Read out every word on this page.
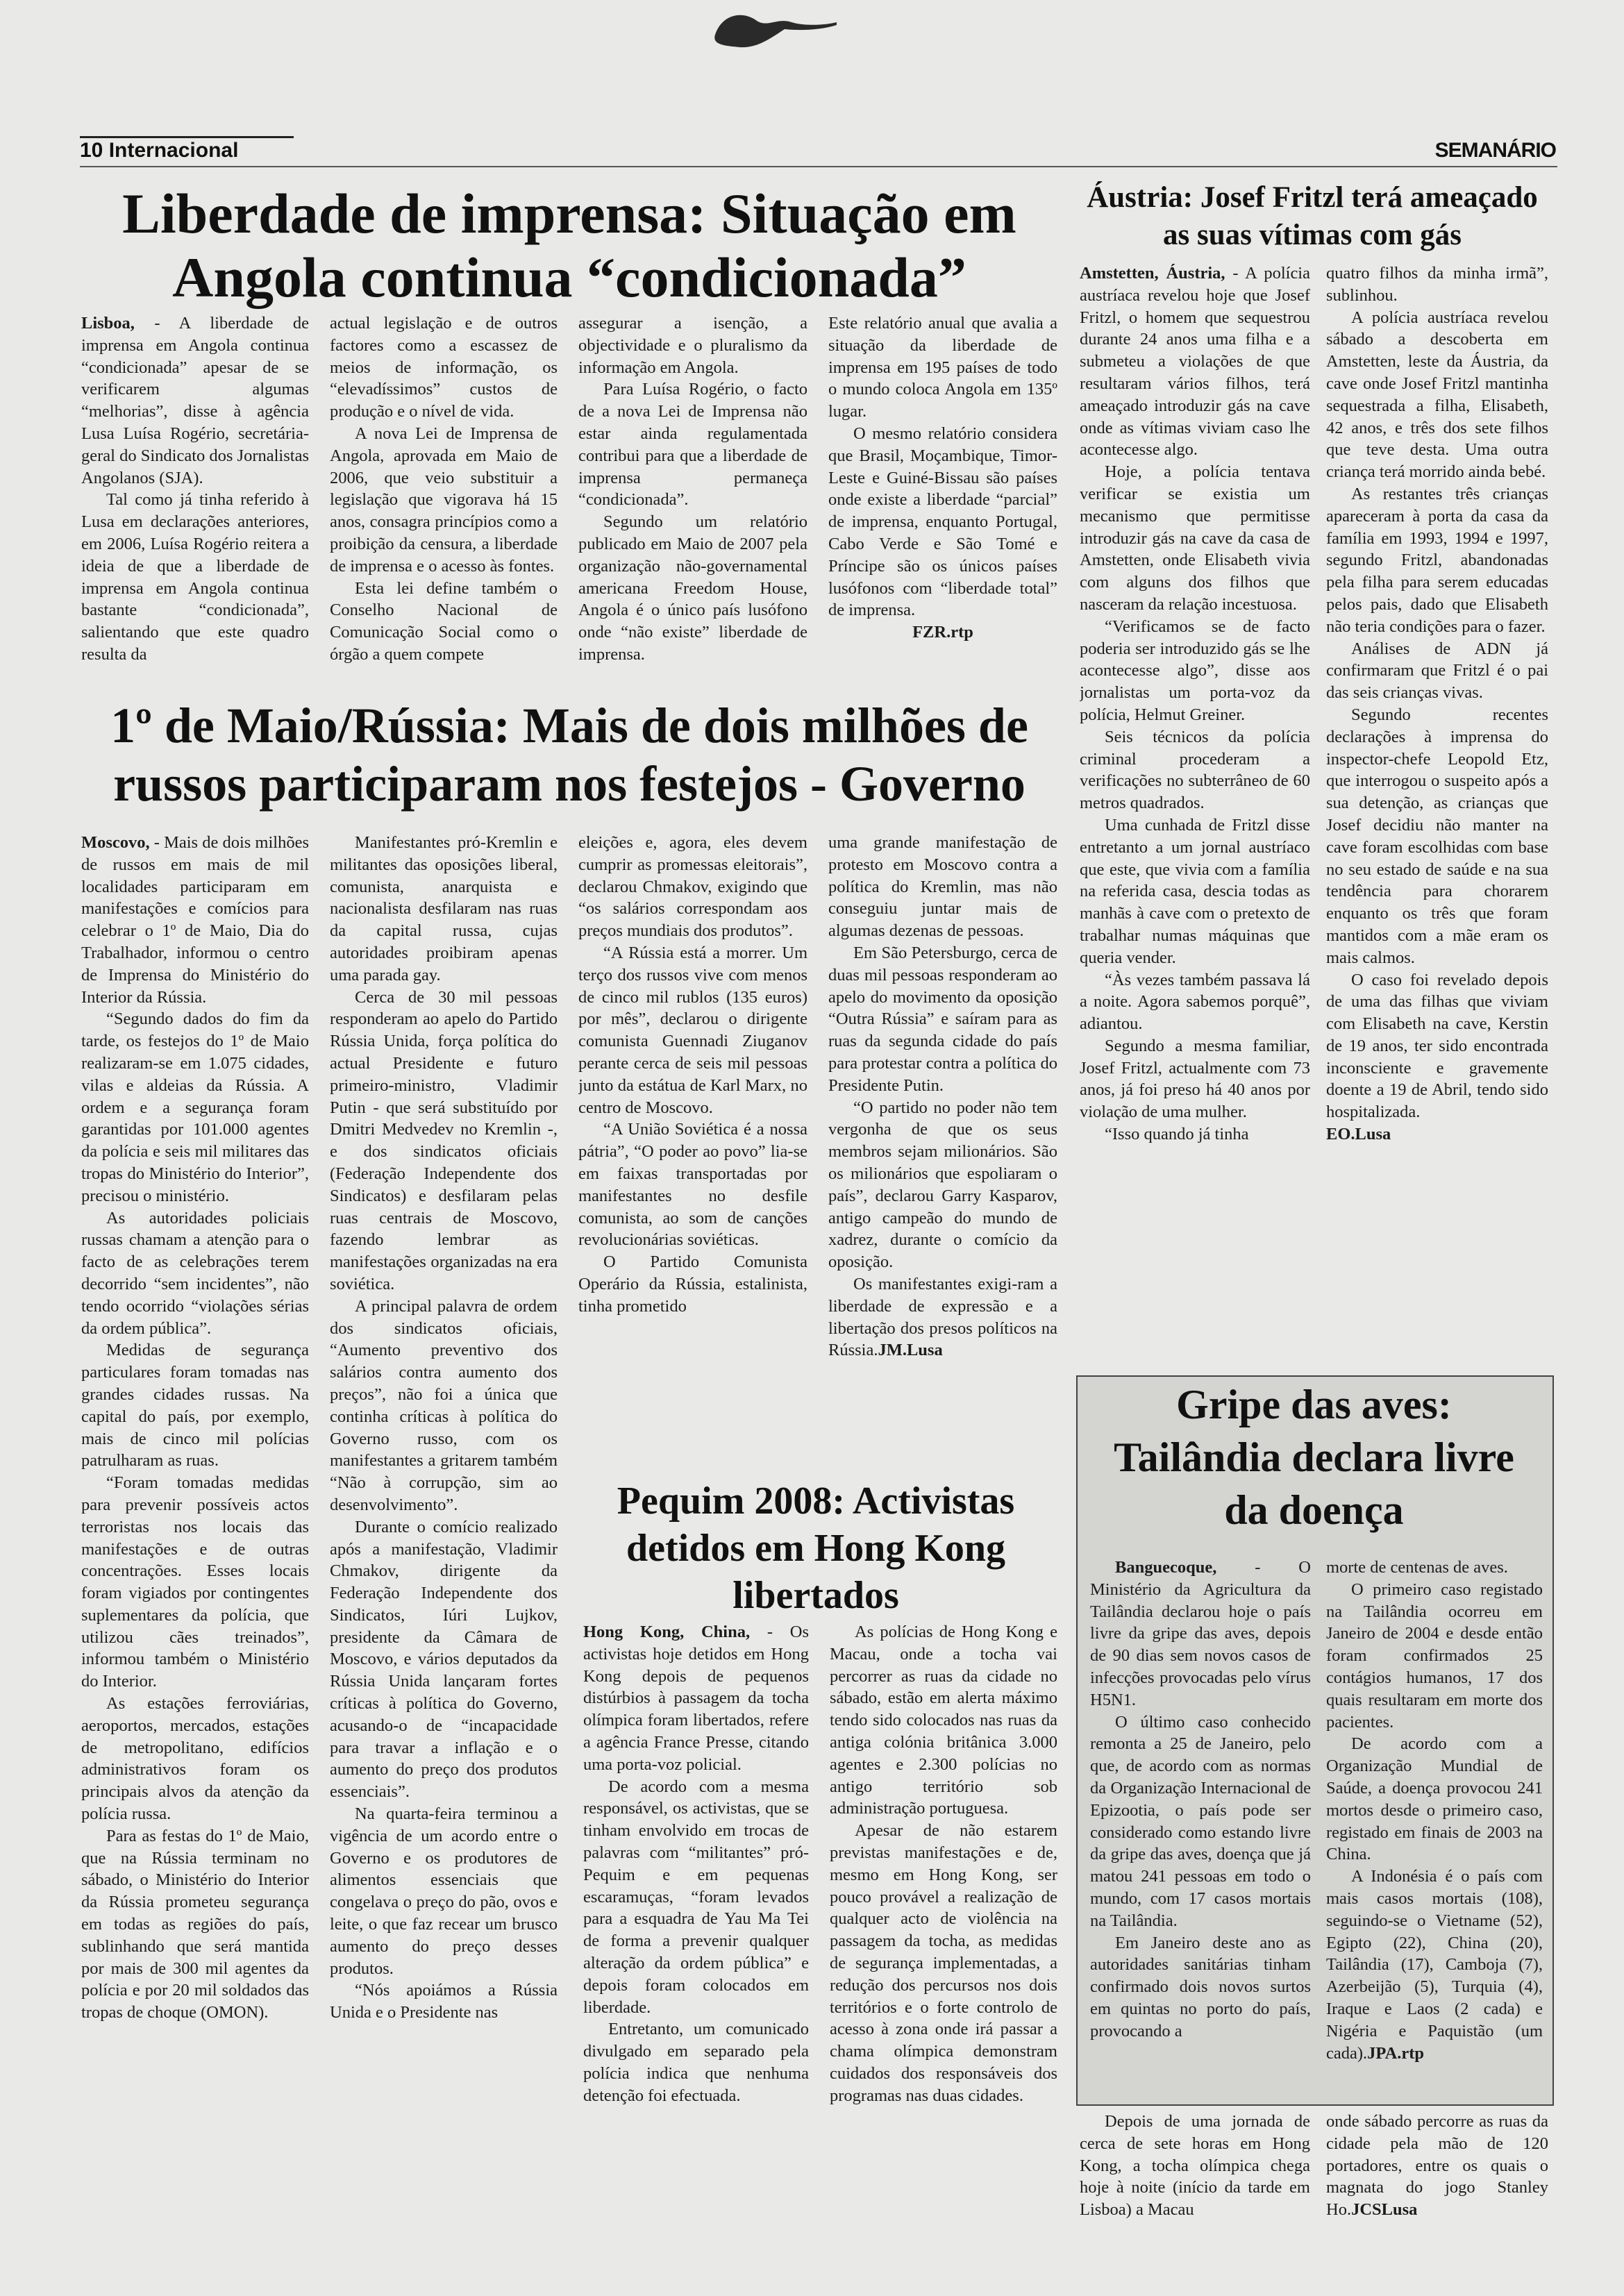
10 Internacional	SEMANÁRIO
Liberdade de imprensa: Situação em
Angola continua “condicionada”

Lisboa, - A liberdade de imprensa em Angola continua “condicionada” apesar de se verificarem algumas “melhorias”, disse à agência Lusa Luísa Rogério, secretária-geral do Sindicato dos Jornalistas Angolanos (SJA).

Tal como já tinha referido à Lusa em declarações anteriores, em 2006, Luísa Rogério reitera a ideia de que a liberdade de imprensa em Angola continua bastante “condicionada”, salientando que este quadro resulta da

actual legislação e de outros factores como a escassez de meios de informação, os “elevadíssimos” custos de produção e o nível de vida.

A nova Lei de Imprensa de Angola, aprovada em Maio de 2006, que veio substituir a legislação que vigorava há 15 anos, consagra princípios como a proibição da censura, a liberdade de imprensa e o acesso às fontes.

Esta lei define também o Conselho Nacional de Comunicação Social como o órgão a quem compete

assegurar a isenção, a objectividade e o pluralismo da informação em Angola.

Para Luísa Rogério, o facto de a nova Lei de Imprensa não estar ainda regulamentada contribui para que a liberdade de imprensa permaneça “condicionada”.

Segundo um relatório publicado em Maio de 2007 pela organização não-governamental americana Freedom House, Angola é o único país lusófono onde “não existe” liberdade de imprensa.

Este relatório anual que avalia a situação da liberdade de imprensa em 195 países de todo o mundo coloca Angola em 135º lugar.

O mesmo relatório considera que Brasil, Moçambique, Timor-Leste e Guiné-Bissau são países onde existe a liberdade “parcial” de imprensa, enquanto Portugal, Cabo Verde e São Tomé e Príncipe são os únicos países lusófonos com “liberdade total” de imprensa.

FZR.rtp

1º de Maio/Rússia: Mais de dois milhões de
russos participaram nos festejos - Governo

Moscovo, - Mais de dois milhões de russos em mais de mil localidades participaram em manifestações e comícios para celebrar o 1º de Maio, Dia do Trabalhador, informou o centro de Imprensa do Ministério do Interior da Rússia.

“Segundo dados do fim da tarde, os festejos do 1º de Maio realizaram-se em 1.075 cidades, vilas e aldeias da Rússia. A ordem e a segurança foram garantidas por 101.000 agentes da polícia e seis mil militares das tropas do Ministério do Interior”, precisou o ministério.

As autoridades policiais russas chamam a atenção para o facto de as celebrações terem decorrido “sem incidentes”, não tendo ocorrido “violações sérias da ordem pública”.

Medidas de segurança particulares foram tomadas nas grandes cidades russas. Na capital do país, por exemplo, mais de cinco mil polícias patrulharam as ruas.

“Foram tomadas medidas para prevenir possíveis actos terroristas nos locais das manifestações e de outras concentrações. Esses locais foram vigiados por contingentes suplementares da polícia, que utilizou cães treinados”, informou também o Ministério do Interior.

As estações ferroviárias, aeroportos, mercados, estações de metropolitano, edifícios administrativos foram os principais alvos da atenção da polícia russa.

Para as festas do 1º de Maio, que na Rússia terminam no sábado, o Ministério do Interior da Rússia prometeu segurança em todas as regiões do país, sublinhando que será mantida por mais de 300 mil agentes da polícia e por 20 mil soldados das tropas de choque (OMON).

Manifestantes pró-Kremlin e militantes das oposições liberal, comunista, anarquista e nacionalista desfilaram nas ruas da capital russa, cujas autoridades proibiram apenas uma parada gay.

Cerca de 30 mil pessoas responderam ao apelo do Partido Rússia Unida, força política do actual Presidente e futuro primeiro-ministro, Vladimir Putin - que será substituído por Dmitri Medvedev no Kremlin -, e dos sindicatos oficiais (Federação Independente dos Sindicatos) e desfilaram pelas ruas centrais de Moscovo, fazendo lembrar as manifestações organizadas na era soviética.

A principal palavra de ordem dos sindicatos oficiais, “Aumento preventivo dos salários contra aumento dos preços”, não foi a única que continha críticas à política do Governo russo, com os manifestantes a gritarem também “Não à corrupção, sim ao desenvolvimento”.

Durante o comício realizado após a manifestação, Vladimir Chmakov, dirigente da Federação Independente dos Sindicatos, Iúri Lujkov, presidente da Câmara de Moscovo, e vários deputados da Rússia Unida lançaram fortes críticas à política do Governo, acusando-o de “incapacidade para travar a inflação e o aumento do preço dos produtos essenciais”.

Na quarta-feira terminou a vigência de um acordo entre o Governo e os produtores de alimentos essenciais que congelava o preço do pão, ovos e leite, o que faz recear um brusco aumento do preço desses produtos.

“Nós apoiámos a Rússia Unida e o Presidente nas

eleições e, agora, eles devem cumprir as promessas eleitorais”, declarou Chmakov, exigindo que “os salários correspondam aos preços mundiais dos produtos”.

“A Rússia está a morrer. Um terço dos russos vive com menos de cinco mil rublos (135 euros) por mês”, declarou o dirigente comunista Guennadi Ziuganov perante cerca de seis mil pessoas junto da estátua de Karl Marx, no centro de Moscovo.

“A União Soviética é a nossa pátria”, “O poder ao povo” lia-se em faixas transportadas por manifestantes no desfile comunista, ao som de canções revolucionárias soviéticas.

O Partido Comunista Operário da Rússia, estalinista, tinha prometido

uma grande manifestação de protesto em Moscovo contra a política do Kremlin, mas não conseguiu juntar mais de algumas dezenas de pessoas.

Em São Petersburgo, cerca de duas mil pessoas responderam ao apelo do movimento da oposição “Outra Rússia” e saíram para as ruas da segunda cidade do país para protestar contra a política do Presidente Putin.

“O partido no poder não tem vergonha de que os seus membros sejam milionários. São os milionários que espoliaram o país”, declarou Garry Kasparov, antigo campeão do mundo de xadrez, durante o comício da oposição.

Os manifestantes exigi-ram a liberdade de expressão e a libertação dos presos políticos na Rússia.JM.Lusa

Áustria: Josef Fritzl terá ameaçado
as suas vítimas com gás

Amstetten, Áustria, - A polícia austríaca revelou hoje que Josef Fritzl, o homem que sequestrou durante 24 anos uma filha e a submeteu a violações de que resultaram vários filhos, terá ameaçado introduzir gás na cave onde as vítimas viviam caso lhe acontecesse algo.

Hoje, a polícia tentava verificar se existia um mecanismo que permitisse introduzir gás na cave da casa de Amstetten, onde Elisabeth vivia com alguns dos filhos que nasceram da relação incestuosa.

“Verificamos se de facto poderia ser introduzido gás se lhe acontecesse algo”, disse aos jornalistas um porta-voz da polícia, Helmut Greiner.

Seis técnicos da polícia criminal procederam a verificações no subterrâneo de 60 metros quadrados.

Uma cunhada de Fritzl disse entretanto a um jornal austríaco que este, que vivia com a família na referida casa, descia todas as manhãs à cave com o pretexto de trabalhar numas máquinas que queria vender.

“Às vezes também passava lá a noite. Agora sabemos porquê”, adiantou.

Segundo a mesma familiar, Josef Fritzl, actualmente com 73 anos, já foi preso há 40 anos por violação de uma mulher.

“Isso quando já tinha

quatro filhos da minha irmã”, sublinhou.

A polícia austríaca revelou sábado a descoberta em Amstetten, leste da Áustria, da cave onde Josef Fritzl mantinha sequestrada a filha, Elisabeth, 42 anos, e três dos sete filhos que teve desta. Uma outra criança terá morrido ainda bebé.

As restantes três crianças apareceram à porta da casa da família em 1993, 1994 e 1997, segundo Fritzl, abandonadas pela filha para serem educadas pelos pais, dado que Elisabeth não teria condições para o fazer.

Análises de ADN já confirmaram que Fritzl é o pai das seis crianças vivas.

Segundo recentes declarações à imprensa do inspector-chefe Leopold Etz, que interrogou o suspeito após a sua detenção, as crianças que Josef decidiu não manter na cave foram escolhidas com base no seu estado de saúde e na sua tendência para chorarem enquanto os três que foram mantidos com a mãe eram os mais calmos.

O caso foi revelado depois de uma das filhas que viviam com Elisabeth na cave, Kerstin de 19 anos, ter sido encontrada inconsciente e gravemente doente a 19 de Abril, tendo sido hospitalizada.
EO.Lusa

Pequim 2008: Activistas
detidos em Hong Kong
libertados

Hong Kong, China, - Os activistas hoje detidos em Hong Kong depois de pequenos distúrbios à passagem da tocha olímpica foram libertados, refere a agência France Presse, citando uma porta-voz policial.

De acordo com a mesma responsável, os activistas, que se tinham envolvido em trocas de palavras com “militantes” pró-Pequim e em pequenas escaramuças, “foram levados para a esquadra de Yau Ma Tei de forma a prevenir qualquer alteração da ordem pública” e depois foram colocados em liberdade.

Entretanto, um comunicado divulgado em separado pela polícia indica que nenhuma detenção foi efectuada.

As polícias de Hong Kong e Macau, onde a tocha vai percorrer as ruas da cidade no sábado, estão em alerta máximo tendo sido colocados nas ruas da antiga colónia britânica 3.000 agentes e 2.300 polícias no antigo território sob administração portuguesa.

Apesar de não estarem previstas manifestações e de, mesmo em Hong Kong, ser pouco provável a realização de qualquer acto de violência na passagem da tocha, as medidas de segurança implementadas, a redução dos percursos nos dois territórios e o forte controlo de acesso à zona onde irá passar a chama olímpica demonstram cuidados dos responsáveis dos programas nas duas cidades.

Depois de uma jornada de cerca de sete horas em Hong Kong, a tocha olímpica chega hoje à noite (início da tarde em Lisboa) a Macau

onde sábado percorre as ruas da cidade pela mão de 120 portadores, entre os quais o magnata do jogo Stanley Ho.JCSLusa

Gripe das aves:
Tailândia declara livre
da doença

Banguecoque, - O Ministério da Agricultura da Tailândia declarou hoje o país livre da gripe das aves, depois de 90 dias sem novos casos de infecções provocadas pelo vírus H5N1.

O último caso conhecido remonta a 25 de Janeiro, pelo que, de acordo com as normas da Organização Internacional de Epizootia, o país pode ser considerado como estando livre da gripe das aves, doença que já matou 241 pessoas em todo o mundo, com 17 casos mortais na Tailândia.

Em Janeiro deste ano as autoridades sanitárias tinham confirmado dois novos surtos em quintas no porto do país, provocando a

morte de centenas de aves.

O primeiro caso registado na Tailândia ocorreu em Janeiro de 2004 e desde então foram confirmados 25 contágios humanos, 17 dos quais resultaram em morte dos pacientes.

De acordo com a Organização Mundial de Saúde, a doença provocou 241 mortos desde o primeiro caso, registado em finais de 2003 na China.

A Indonésia é o país com mais casos mortais (108), seguindo-se o Vietname (52), Egipto (22), China (20), Tailândia (17), Camboja (7), Azerbeijão (5), Turquia (4), Iraque e Laos (2 cada) e Nigéria e Paquistão (um cada).JPA.rtp
